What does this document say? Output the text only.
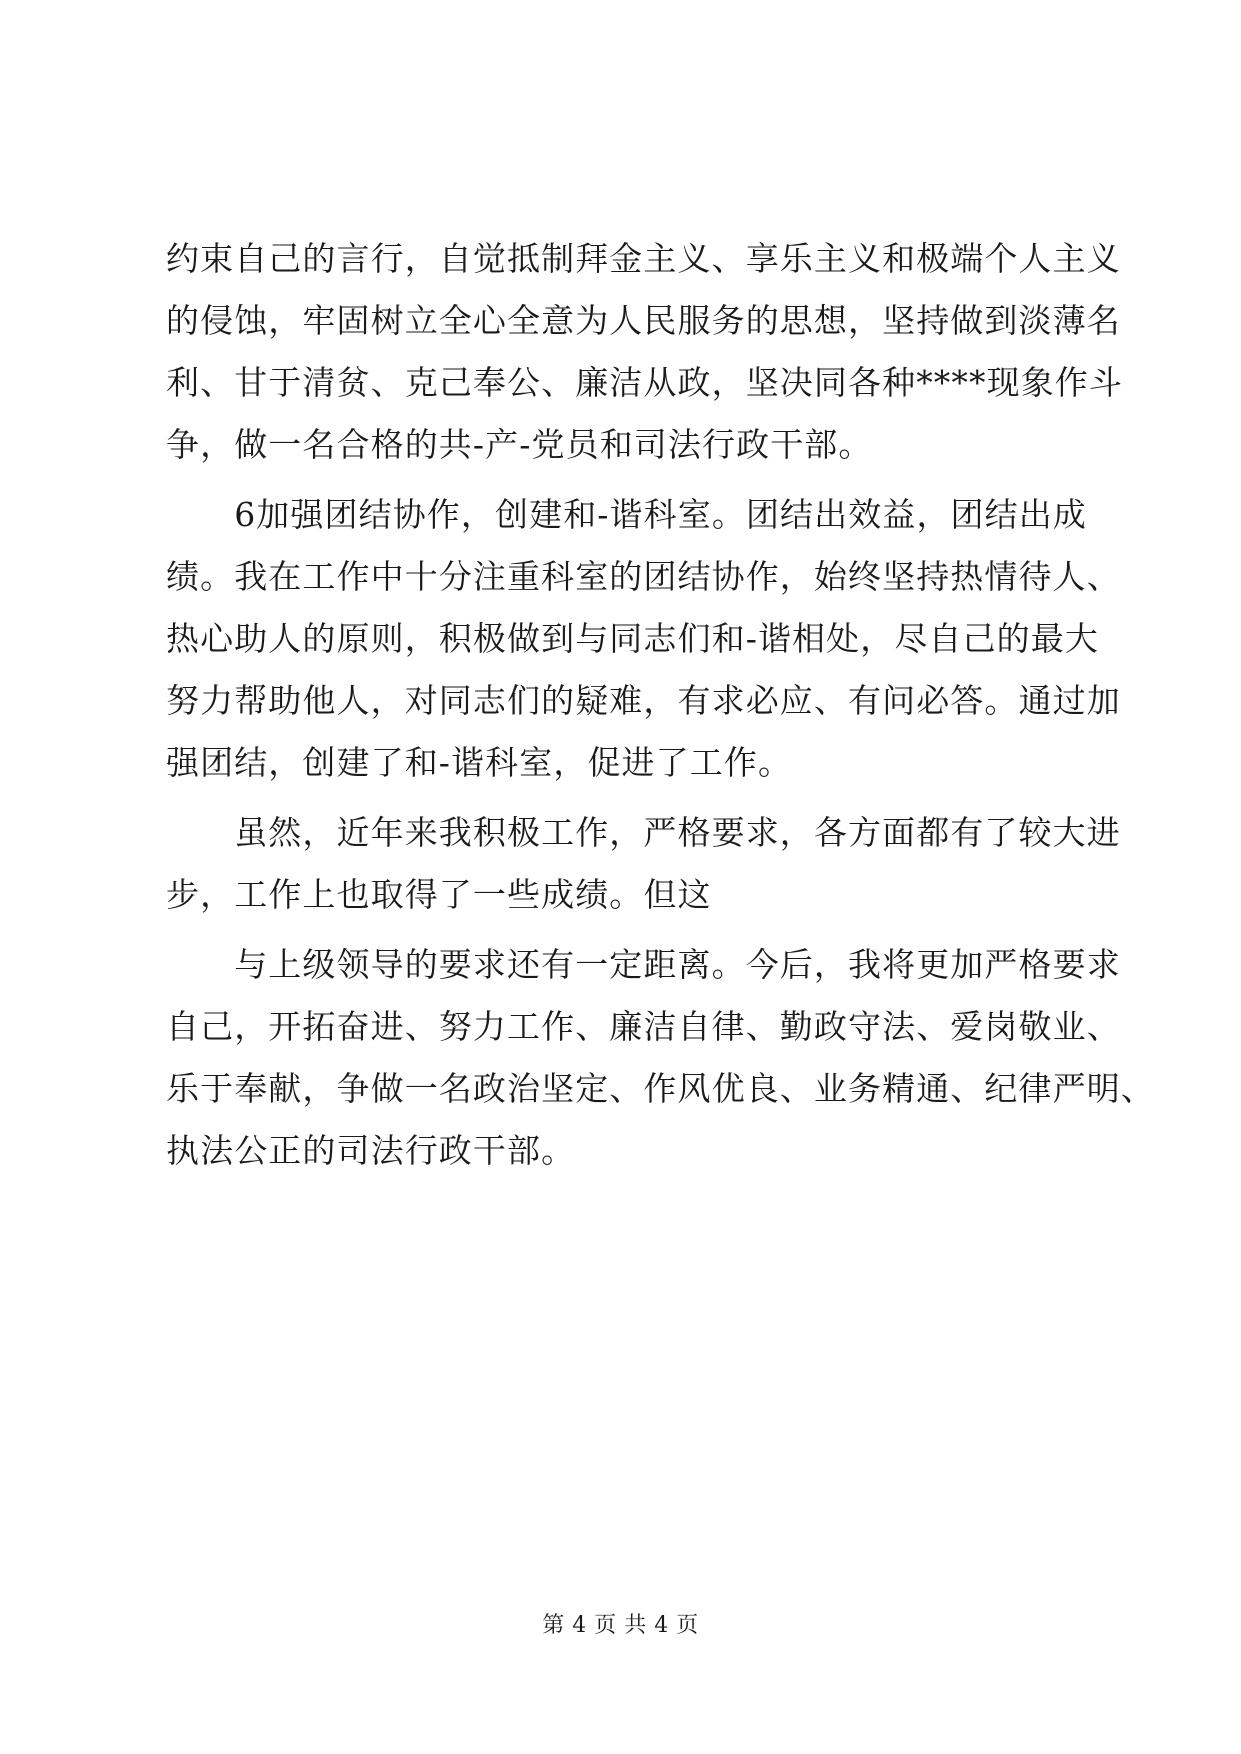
约束自己的言行，自觉抵制拜金主义、享乐主义和极端个人主义
的侵蚀，牢固树立全心全意为人民服务的思想，坚持做到淡薄名
利、甘于清贫、克己奉公、廉洁从政，坚决同各种****现象作斗
争，做一名合格的共-产-党员和司法行政干部。
　　6加强团结协作，创建和-谐科室。团结出效益，团结出成
绩。我在工作中十分注重科室的团结协作，始终坚持热情待人、
热心助人的原则，积极做到与同志们和-谐相处，尽自己的最大
努力帮助他人，对同志们的疑难，有求必应、有问必答。通过加
强团结，创建了和-谐科室，促进了工作。
　　虽然，近年来我积极工作，严格要求，各方面都有了较大进
步，工作上也取得了一些成绩。但这
　　与上级领导的要求还有一定距离。今后，我将更加严格要求
自己，开拓奋进、努力工作、廉洁自律、勤政守法、爱岗敬业、
乐于奉献，争做一名政治坚定、作风优良、业务精通、纪律严明、
执法公正的司法行政干部。
第 4 页 共 4 页
